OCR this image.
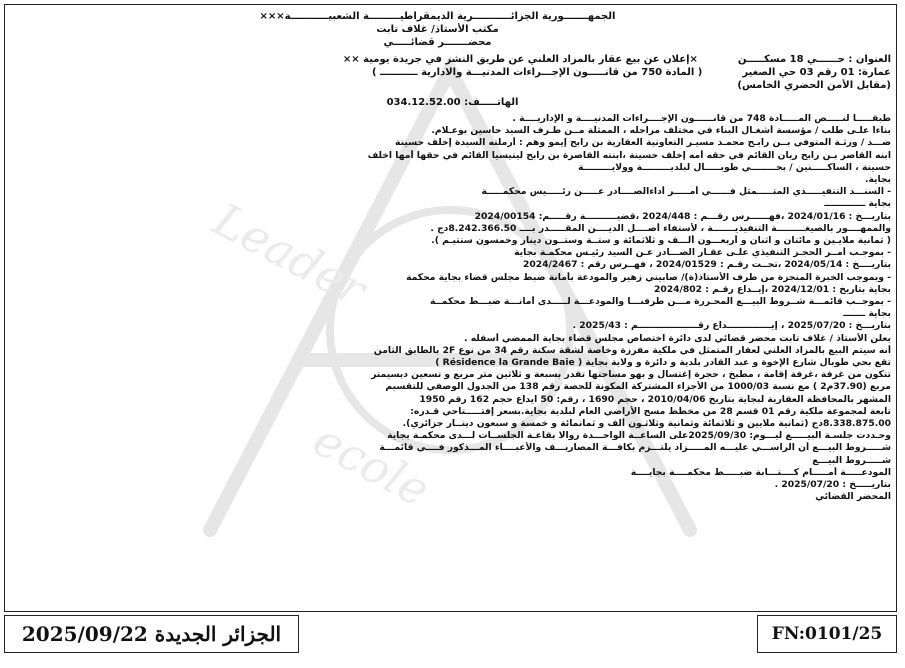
Leader
ecole
الجمهـــــــورية الجزائـــــــــــرية الديمقراطيـــــــــة الشعبيـــــــــــة×××
مكتب الأستاذ/ غلاف تابت
محضـــــــر قضائـــــي
العنوان : حــــــي 18 مسكـــــن
×إعلان عن بيع عقار بالمزاد العلني عن طريق النشر في جريدة يومية ××
عمارة: 01 رقم 03 حي الصغير
( المادة 750 من قانـــــون الإجـــراءات المدنيـــة والادارية ـــــــــــ )
(مقابل الأمن الحضري الخامس)
الهاتـــــف: 034.12.52.00
طبقـــــا لنـــــص المـــــادة 748 من قانــــــون الإجــــراءات المدنيــــة و الإداريــــة .
بناءا علـى طلب / مؤسسة أشغـال البناء في مختلف مراحله ، الممثلة مــن طـرف السيد حاسين بوعـلام.
ضـــد / ورثـة المتوفي بــن رابـح محمـد مسيـر التعاونية العقارية بن رابح إيمو وهم : أرملته السيدة إخلف حسينة
ابنه القاصر بـن رابح ريان القائم في حقه أمه إخلف حسينة ،ابنته القاصرة بن رابح ليتيسيا القائم في حقها أمها اخلف
حسينة ، الساكـــــنين / بحــــــــي طوبـــــال لبلديـــــــــة وولايـــــــــة
بجاية.
- السنـــد التنفيـــــذي المتـــــمثل فــــــي أمـــــر أداءالصــــادر عـــــن رئـــــيس محكمـــــة
بجاية ـــــــــــــ
بتاريـــخ : 2024/01/16 ،فهــــــرس رقـــم : 2024/448 ،قضيــــــــــة رقـــــم: 2024/00154
والممهــــور بالصيغـــــــــة التنفيذيـــــــة ، لأستفاء أصــــل الديــــن المقـــــدر بــــ 8.242.366.50دج .
( ثمانية ملايـين و مائتان و اثنان و أربعـــون ألـــف و ثلاثمائة و ستــة وستــون دينار وخمسون سنتيـم ).
- بموجـب أمــر الحجـز التنفيذي علـى عقـار الصـــادر عـن السيد رئيـس محكمـة بجاية
بتاريــــخ : 2024/05/14 ،تحــت رقـم : 2024/01529 ، فهــرس رقم : 2024/2467
- وبموجب الخبرة المنجزة من طرف الأستاذ(ة)/ صابيني زهير والمودعة بأمانة ضبط مجلس قضاء بجاية محكمة
بجاية بتاريخ : 2024/12/01 ،إيــداع رقـم : 2024/802
- بموجــب قائمـــة شــروط البيـــع المحـررة مـــن طرفنـــا والمودعـــة لـــــدى أمانـــة ضبـــط محكمــة
بجاية ـــــــ
بتاريـــخ : 2025/07/20 ، إيــــــــــــــداع رقـــــــــــــــــــم : 2025/43 .
يعلن الأستاذ / غلاف تابت محضر قضائي لدى دائرة اختصاص مجلس قضاء بجاية الممضي أسفله .
أنه سيتم البيع بالمزاد العلني لعقار المتمثل في ملكية مفرزة وخاصة لشقة سكنة رقم 34 من نوع 2F بالطابق الثامن
تقع بحي طوبال شارع الإخوة و عبد القادر بلدية و دائرة و ولاية بجاية ( Résidence la Grande Baie )
تتكون من غرفة ،غرفة إقامة ، مطبخ ، حجرة إغتسال و بهو مساحتها تقدر بسبعة و ثلاثين متر مربع و تسعين ديسيمتر
مربع (37.90م2 ) مع نسبة 1000/03 من الأجزاء المشتركة المكونة للحصة رقم 138 من الجدول الوصفي للتقسيم
المشهر بالمحافظة العقارية لبجاية بتاريخ 2010/04/06 ، حجم 1690 ، رقم: 50 ايداع حجم 162 رقم 1950
تابعة لمجموعة ملكية رقم 01 قسم 28 من مخطط مسح الأراضي العام لبلدية بجاية.بسعر إفتـــــتاحي قـدره:
8.338.875.00دج (ثمانية ملايين و ثلاثمائة وثمانية وثلاثـون ألف و ثمانمائة و خمسة و سبعون دينــار جزائري).
وحـددت جلسـة البيـــــع ليـــوم: 2025/09/30على الساعــة الواحـــدة زوالا بقاعـة الجلســات لـــدى محكمـة بجاية
شـــــروط البيـــع أن الراســـي عليـــه المـــــزاد يلتـــزم بكافـــة المصاريـــف والأعبــــاء المـــذكور فــــي قائمـــة
شـــــروط البيـــع
المودعـــــة أمـــــام كــــتـــابة ضبـــــط محكمــــة بجايــــة
بتاريـــــخ : 2025/07/20 .
المحضر القضائي
الجزائر الجديدة 2025/09/22	FN:0101/25
